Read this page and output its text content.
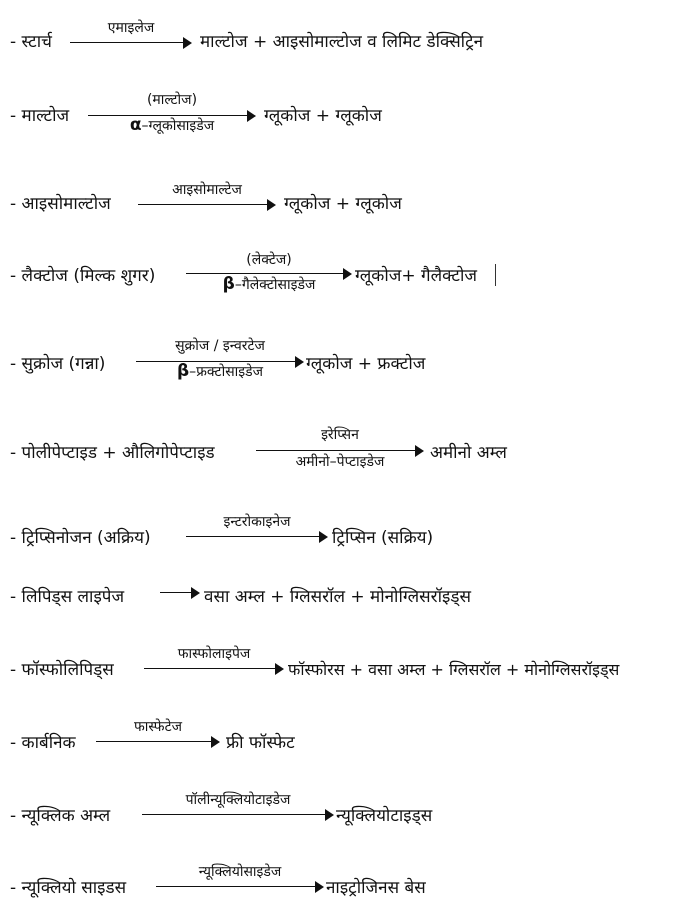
- स्टार्च
एमाइलेज
माल्टोज + आइसोमाल्टोज व लिमिट डेक्सिट्रिन
- माल्टोज
(माल्टोज)
α–ग्लूकोसाइडेज	ग्लूकोज + ग्लूकोज
- आइसोमाल्टोज
आइसोमाल्टेज
ग्लूकोज + ग्लूकोज
- लैक्टोज (मिल्क शुगर)
(लेक्टेज)
β–गैलेक्टोसाइडेज	ग्लूकोज+ गैलैक्टोज
- सुक्रोज (गन्ना)
सुक्रोज / इन्वरटेज
β–फ्रक्टोसाइडेज	ग्लूकोज + फ्रक्टोज
- पोलीपेप्टाइड + औलिगोपेप्टाइड
इरेप्सिन
अमीनो–पेप्टाइडेज	अमीनो अम्ल
- ट्रिप्सिनोजन (अक्रिय)
इन्टरोकाइनेज
ट्रिप्सिन (सक्रिय)
- लिपिड्स लाइपेज	वसा अम्ल + ग्लिसरॉल + मोनोग्लिसरॉइड्स
- फॉस्फोलिपिड्स
फास्फोलाइपेज
फॉस्फोरस + वसा अम्ल + ग्लिसरॉल + मोनोग्लिसरॉइड्स
- कार्बनिक
फास्फेटेज
फ्री फॉस्फेट
- न्यूक्लिक अम्ल
पॉलीन्यूक्लियोटाइडेज
न्यूक्लियोटाइड्स
- न्यूक्लियो साइडस
न्यूक्लियोसाइडेज
नाइट्रोजिनस बेस
